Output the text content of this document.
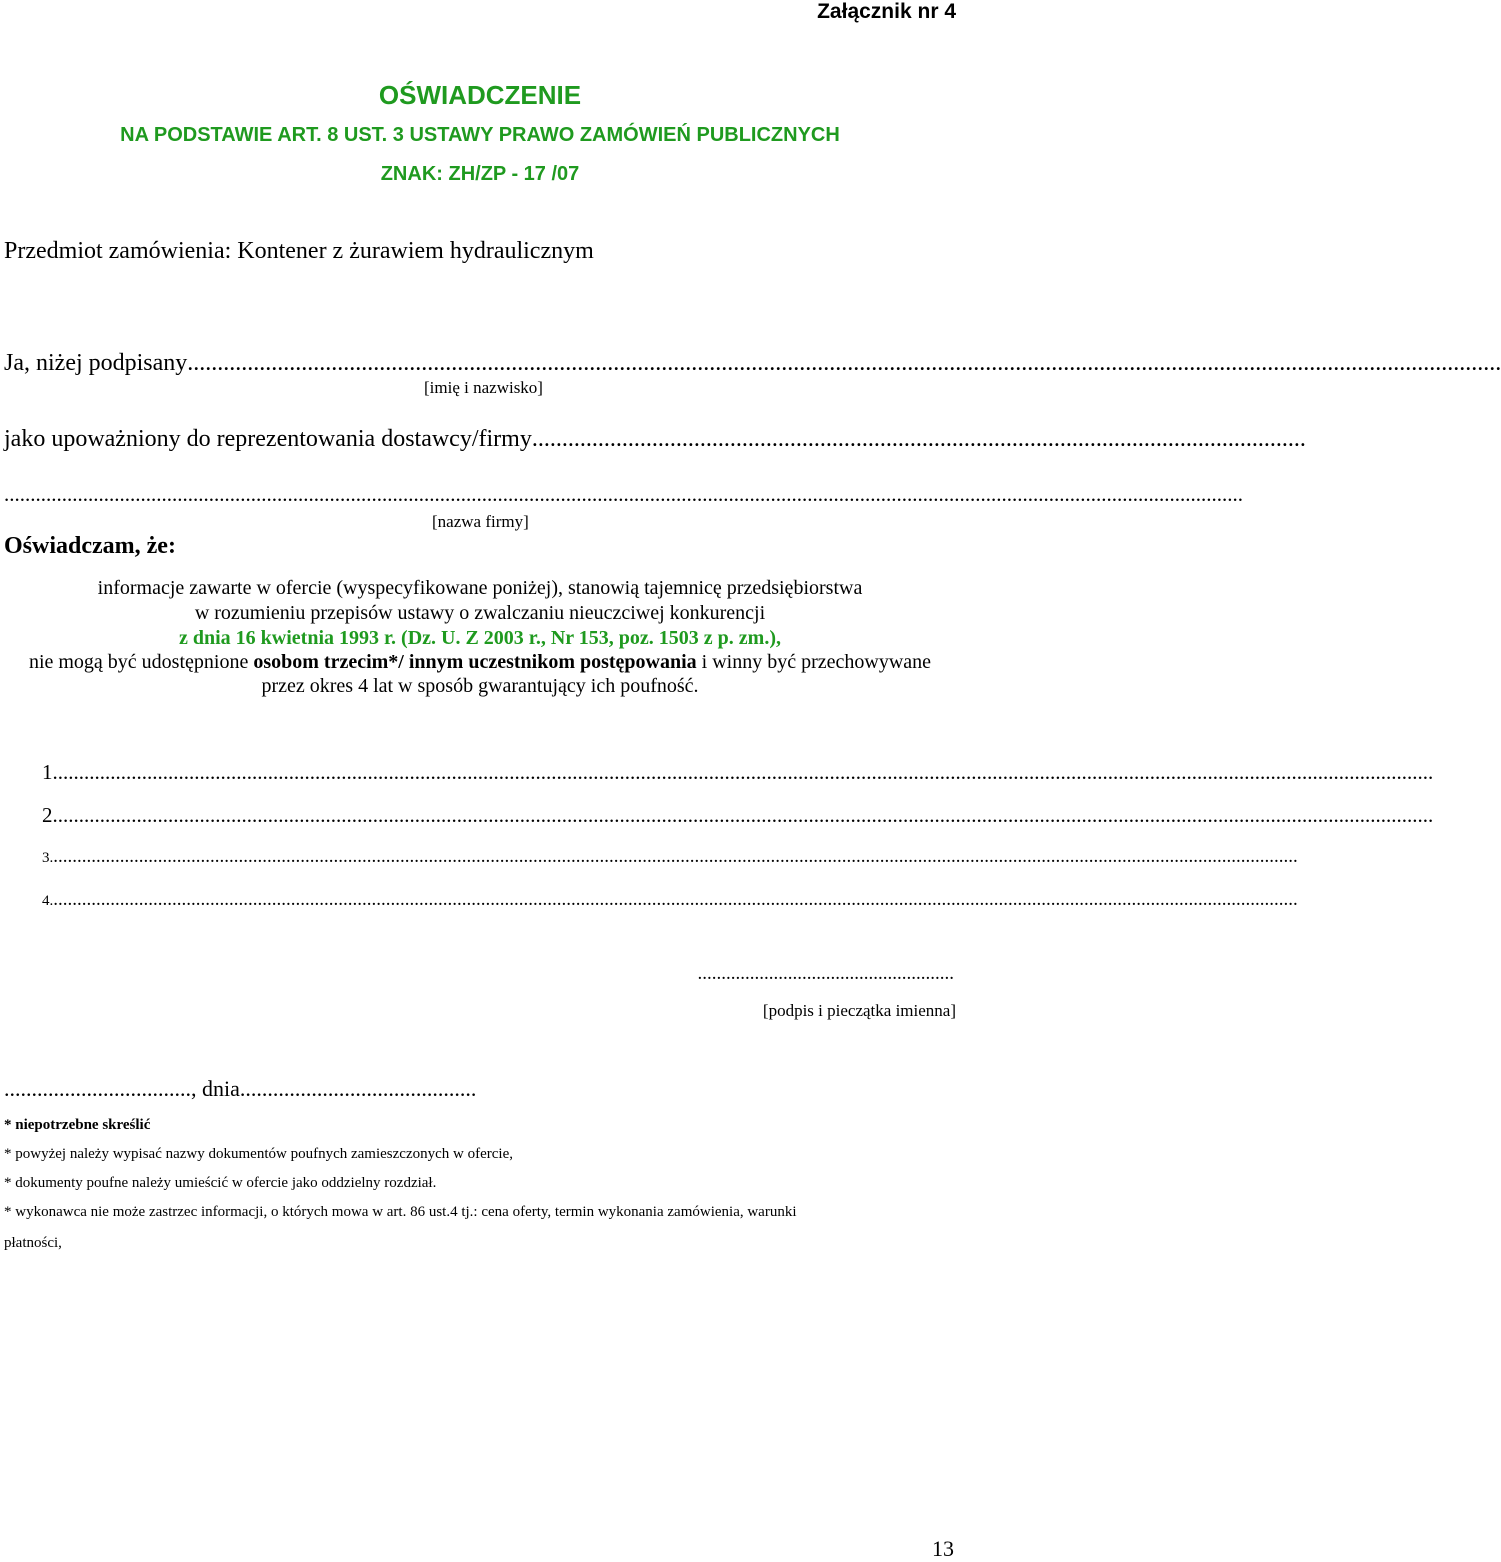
Załącznik nr 4
OŚWIADCZENIE
NA PODSTAWIE ART. 8 UST. 3 USTAWY PRAWO ZAMÓWIEŃ PUBLICZNYCH
ZNAK: ZH/ZP - 17 /07
Przedmiot zamówienia: Kontener z żurawiem hydraulicznym
Ja, niżej podpisany ...........................................................................................................................................................................................................................
[imię i nazwisko]
jako upoważniony do reprezentowania dostawcy/firmy .................................................................................................................................
............................................................................................................................................................................................................................................
[nazwa firmy]
Oświadczam, że:
informacje zawarte w ofercie (wyspecyfikowane poniżej), stanowią tajemnicę przedsiębiorstwa
w rozumieniu przepisów ustawy o zwalczaniu nieuczciwej konkurencji
z dnia 16 kwietnia 1993 r. (Dz. U. Z 2003 r., Nr 153, poz. 1503 z p. zm.),
nie mogą być udostępnione osobom trzecim*/ innym uczestnikom postępowania i winny być przechowywane
przez okres 4 lat w sposób gwarantujący ich poufność.
1. ......................................................................................................................................................................................................................................................................
2. ......................................................................................................................................................................................................................................................................
3. ......................................................................................................................................................................................................................................................................
4. ......................................................................................................................................................................................................................................................................
......................................................
[podpis i pieczątka imienna]
.................................., dnia...........................................
* niepotrzebne skreślić
* powyżej należy wypisać nazwy dokumentów poufnych zamieszczonych w ofercie,
* dokumenty poufne należy umieścić w ofercie jako oddzielny rozdział.
* wykonawca nie może zastrzec informacji, o których mowa w art. 86 ust.4 tj.: cena oferty, termin wykonania zamówienia, warunki
płatności,
13
